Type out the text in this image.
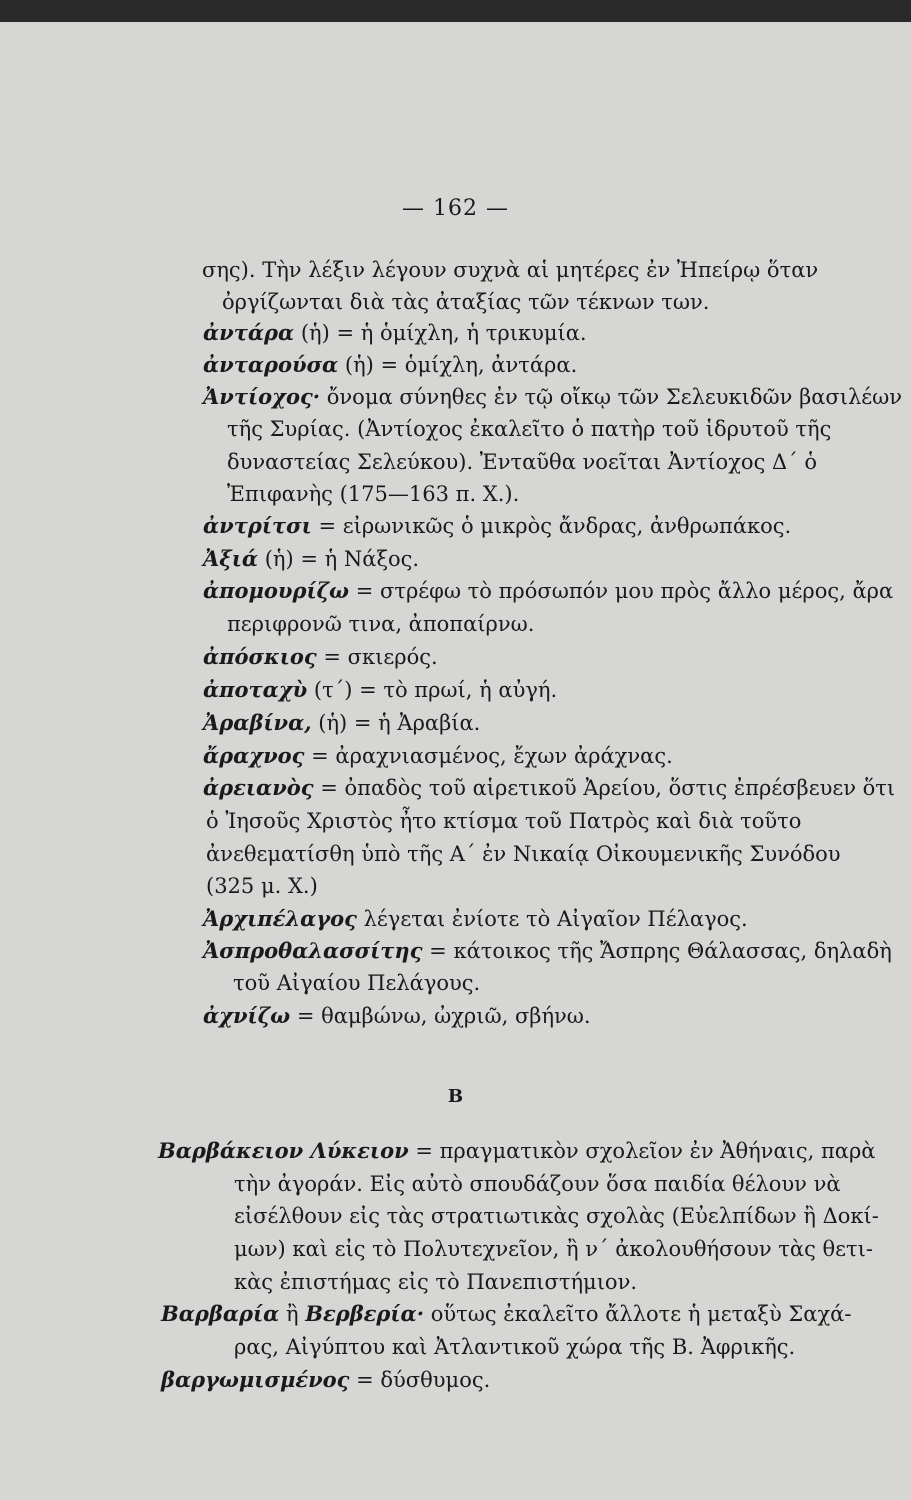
— 162 —
σης). Τὴν λέξιν λέγουν συχνὰ αἱ μητέρες ἐν Ἠπείρῳ ὅταν
ὀργίζωνται διὰ τὰς ἀταξίας τῶν τέκνων των.
ἀντάρα (ἡ) = ἡ ὁμίχλη, ἡ τρικυμία.
ἀνταρούσα (ἡ) = ὁμίχλη, ἀντάρα.
Ἀντίοχος· ὄνομα σύνηθες ἐν τῷ οἴκῳ τῶν Σελευκιδῶν βασιλέων
τῆς Συρίας. (Ἀντίοχος ἐκαλεῖτο ὁ πατὴρ τοῦ ἱδρυτοῦ τῆς
δυναστείας Σελεύκου). Ἐνταῦθα νοεῖται Ἀντίοχος Δ΄ ὁ
Ἐπιφανὴς (175—163 π. Χ.).
ἀντρίτσι = εἰρωνικῶς ὁ μικρὸς ἄνδρας, ἀνθρωπάκος.
Ἀξιά (ἡ) = ἡ Νάξος.
ἀπομουρίζω = στρέφω τὸ πρόσωπόν μου πρὸς ἄλλο μέρος, ἄρα
περιφρονῶ τινα, ἀποπαίρνω.
ἀπόσκιος = σκιερός.
ἀποταχὺ (τ΄) = τὸ πρωί, ἡ αὐγή.
Ἀραβίνα, (ἡ) = ἡ Ἀραβία.
ἄραχνος = ἀραχνιασμένος, ἔχων ἀράχνας.
ἀρειανὸς = ὀπαδὸς τοῦ αἱρετικοῦ Ἀρείου, ὅστις ἐπρέσβευεν ὅτι
ὁ Ἰησοῦς Χριστὸς ἦτο κτίσμα τοῦ Πατρὸς καὶ διὰ τοῦτο
ἀνεθεματίσθη ὑπὸ τῆς Α΄ ἐν Νικαίᾳ Οἰκουμενικῆς Συνόδου
(325 μ. Χ.)
Ἀρχιπέλαγος λέγεται ἐνίοτε τὸ Αἰγαῖον Πέλαγος.
Ἀσπροθαλασσίτης = κάτοικος τῆς Ἄσπρης Θάλασσας, δηλαδὴ
τοῦ Αἰγαίου Πελάγους.
ἀχνίζω = θαμβώνω, ὠχριῶ, σβήνω.
B
Βαρβάκειον Λύκειον = πραγματικὸν σχολεῖον ἐν Ἀθήναις, παρὰ
τὴν ἀγοράν. Εἰς αὐτὸ σπουδάζουν ὅσα παιδία θέλουν νὰ
εἰσέλθουν εἰς τὰς στρατιωτικὰς σχολὰς (Εὐελπίδων ἢ Δοκί-
μων) καὶ εἰς τὸ Πολυτεχνεῖον, ἢ ν΄ ἀκολουθήσουν τὰς θετι-
κὰς ἐπιστήμας εἰς τὸ Πανεπιστήμιον.
Βαρβαρία ἢ Βερβερία· οὕτως ἐκαλεῖτο ἄλλοτε ἡ μεταξὺ Σαχά-
ρας, Αἰγύπτου καὶ Ἀτλαντικοῦ χώρα τῆς Β. Ἀφρικῆς.
βαργωμισμένος = δύσθυμος.
